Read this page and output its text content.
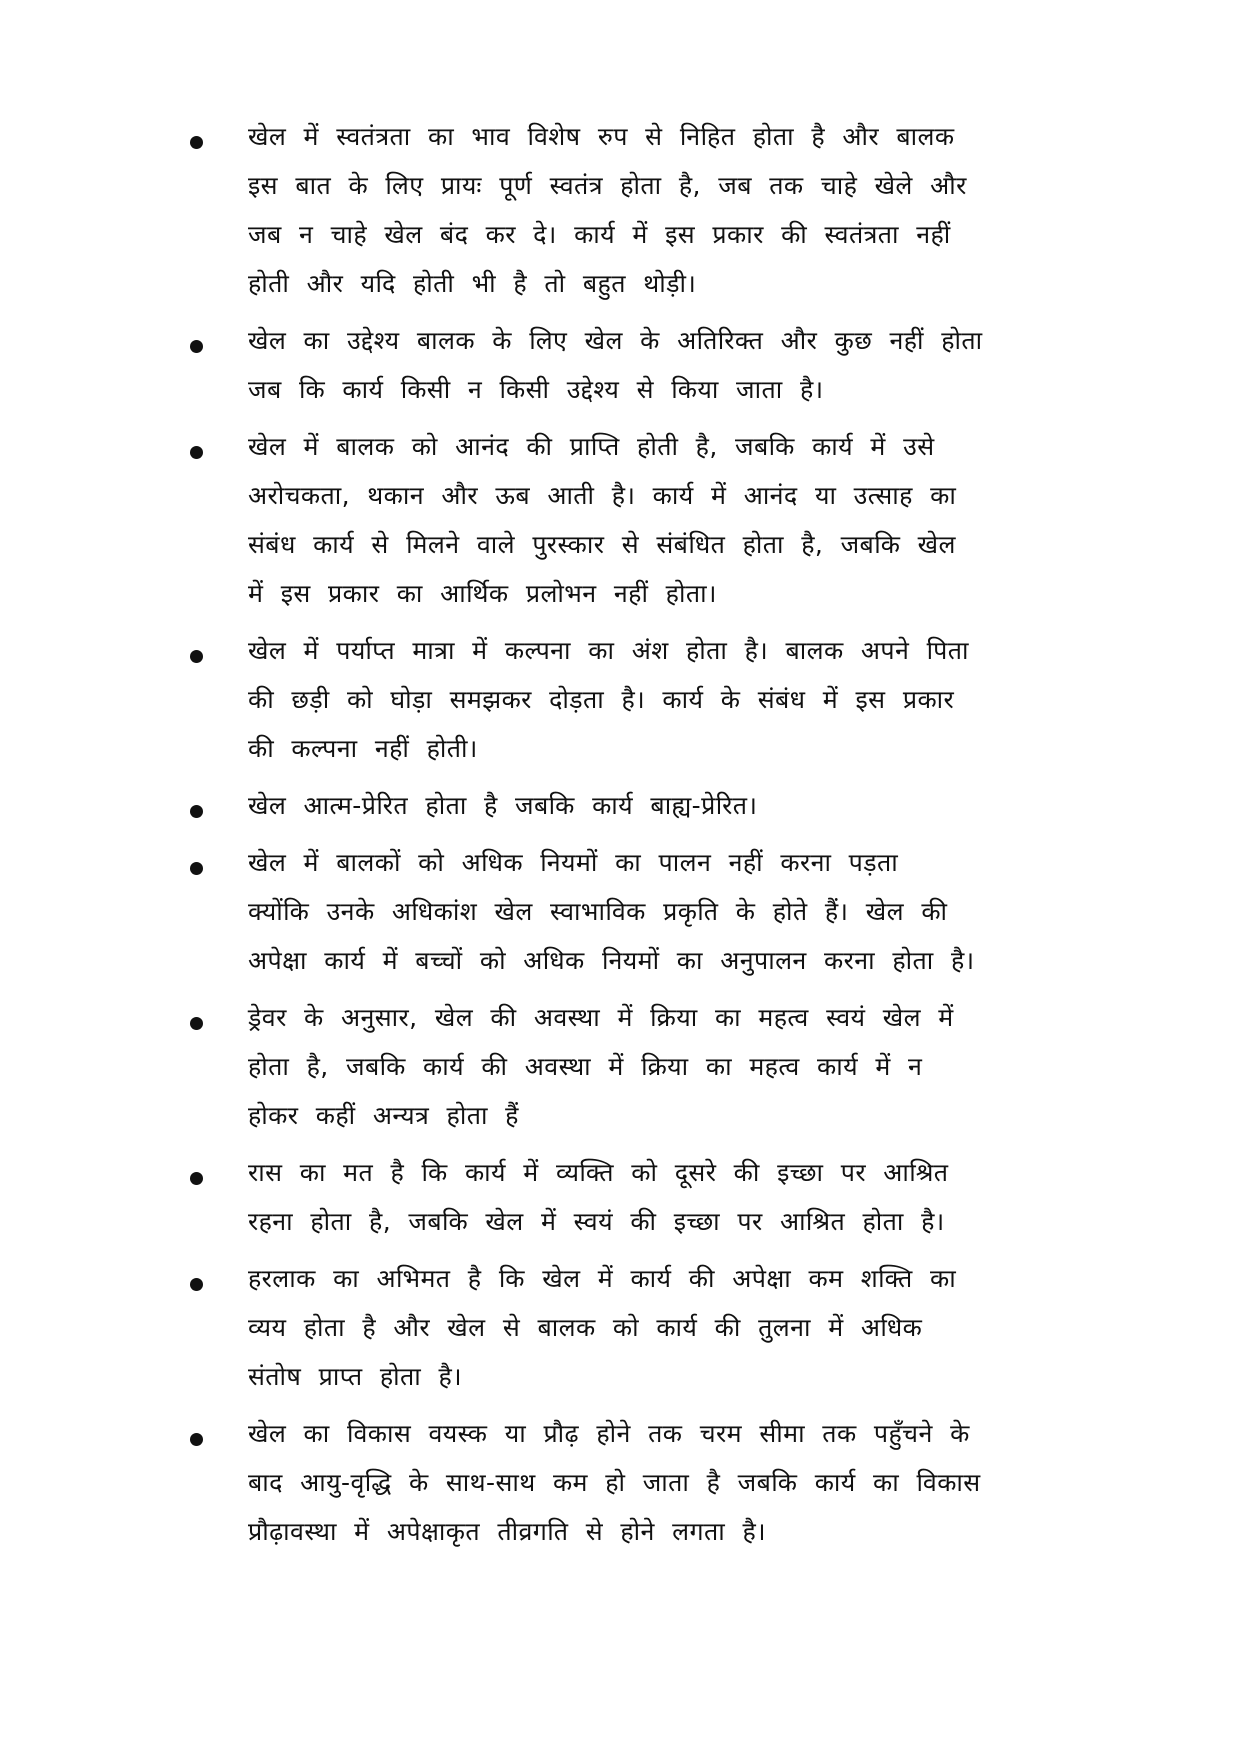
खेल में स्वतंत्रता का भाव विशेष रुप से निहित होता है और बालक
इस बात के लिए प्रायः पूर्ण स्वतंत्र होता है, जब तक चाहे खेले और
जब न चाहे खेल बंद कर दे। कार्य में इस प्रकार की स्वतंत्रता नहीं
होती और यदि होती भी है तो बहुत थोड़ी।
खेल का उद्देश्य बालक के लिए खेल के अतिरिक्त और कुछ नहीं होता
जब कि कार्य किसी न किसी उद्देश्य से किया जाता है।
खेल में बालक को आनंद की प्राप्ति होती है, जबकि कार्य में उसे
अरोचकता, थकान और ऊब आती है। कार्य में आनंद या उत्साह का
संबंध कार्य से मिलने वाले पुरस्कार से संबंधित होता है, जबकि खेल
में इस प्रकार का आर्थिक प्रलोभन नहीं होता।
खेल में पर्याप्त मात्रा में कल्पना का अंश होता है। बालक अपने पिता
की छड़ी को घोड़ा समझकर दोड़ता है। कार्य के संबंध में इस प्रकार
की कल्पना नहीं होती।
खेल आत्म-प्रेरित होता है जबकि कार्य बाह्य-प्रेरित।
खेल में बालकों को अधिक नियमों का पालन नहीं करना पड़ता
क्योंकि उनके अधिकांश खेल स्वाभाविक प्रकृति के होते हैं। खेल की
अपेक्षा कार्य में बच्चों को अधिक नियमों का अनुपालन करना होता है।
ड्रेवर के अनुसार, खेल की अवस्था में क्रिया का महत्व स्वयं खेल में
होता है, जबकि कार्य की अवस्था में क्रिया का महत्व कार्य में न
होकर कहीं अन्यत्र होता हैं
रास का मत है कि कार्य में व्यक्ति को दूसरे की इच्छा पर आश्रित
रहना होता है, जबकि खेल में स्वयं की इच्छा पर आश्रित होता है।
हरलाक का अभिमत है कि खेल में कार्य की अपेक्षा कम शक्ति का
व्यय होता है और खेल से बालक को कार्य की तुलना में अधिक
संतोष प्राप्त होता है।
खेल का विकास वयस्क या प्रौढ़ होने तक चरम सीमा तक पहुँचने के
बाद आयु-वृद्धि के साथ-साथ कम हो जाता है जबकि कार्य का विकास
प्रौढ़ावस्था में अपेक्षाकृत तीव्रगति से होने लगता है।
